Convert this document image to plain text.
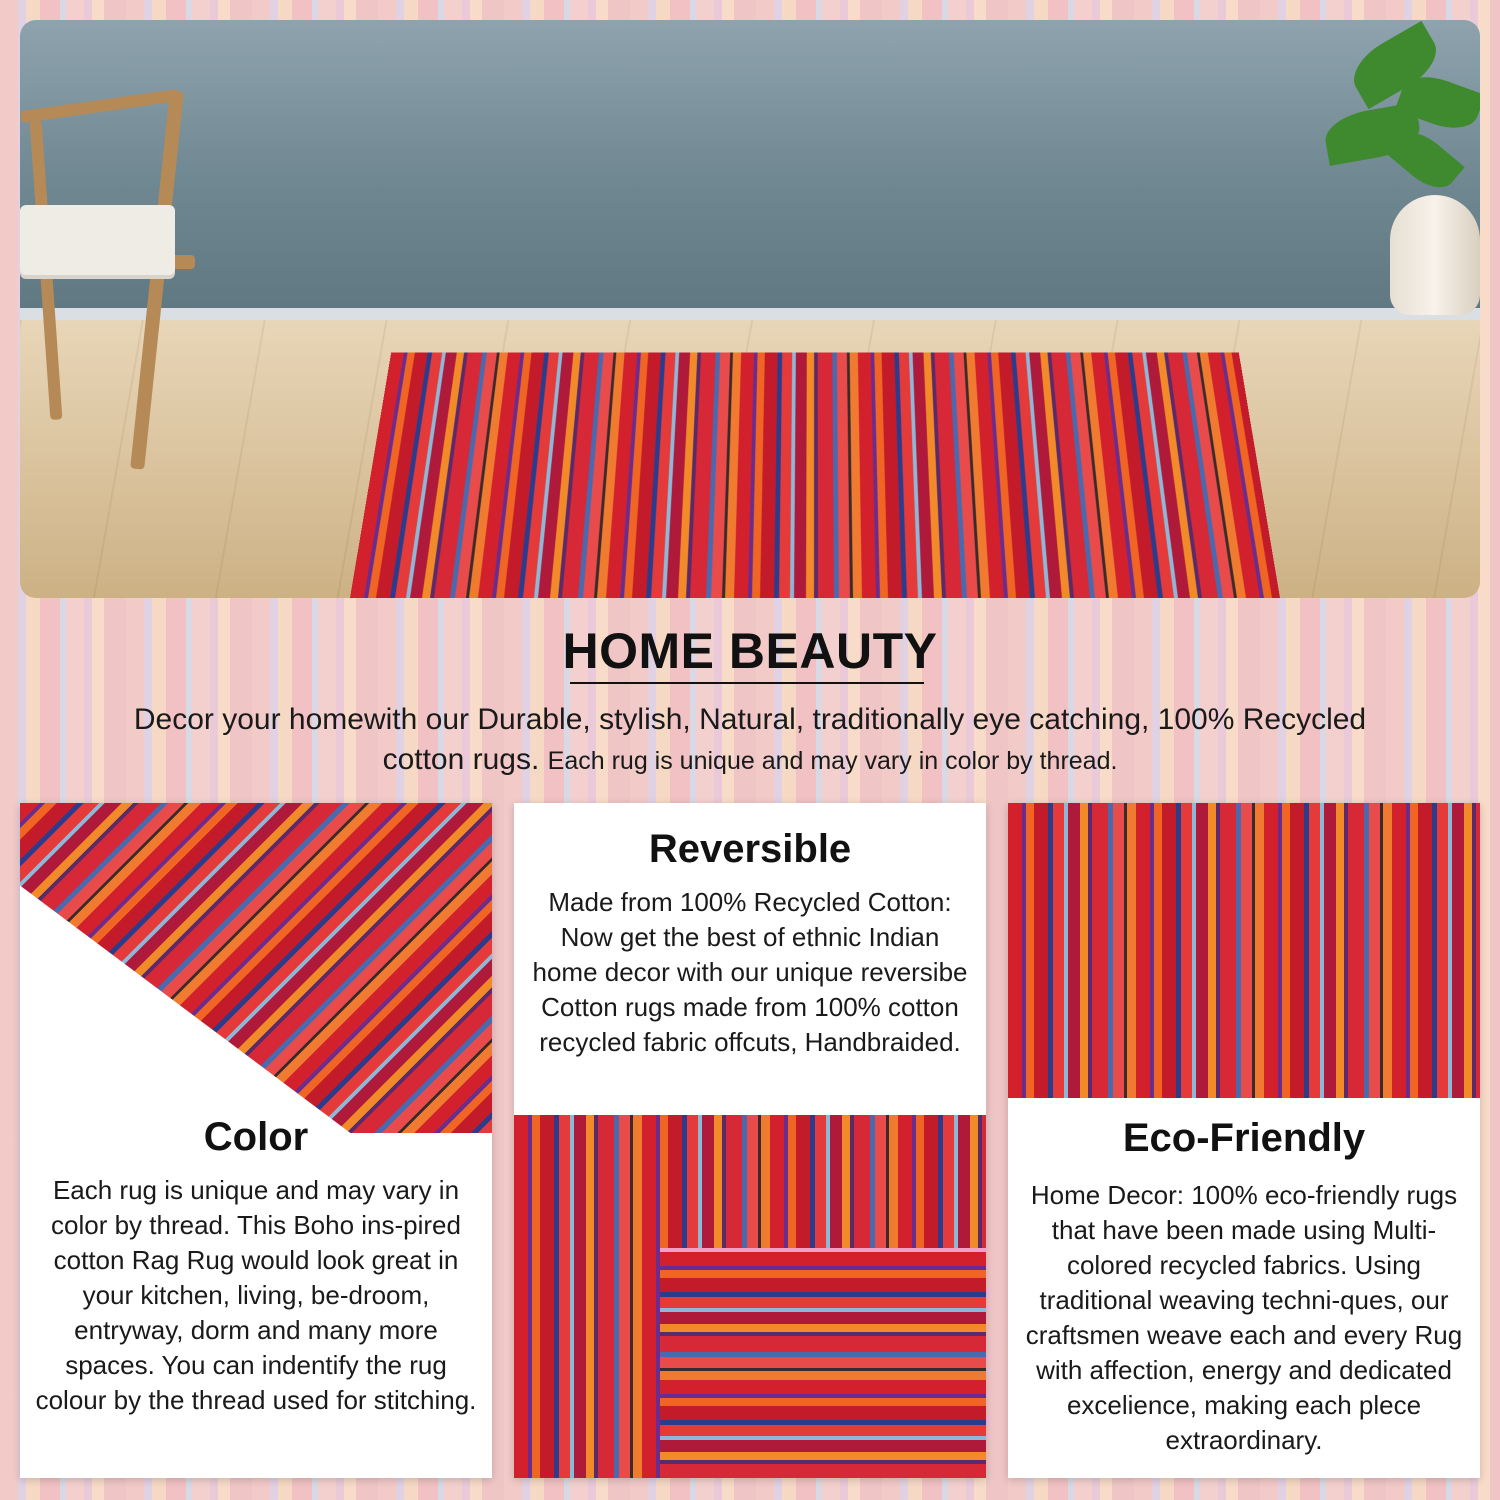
HOME BEAUTY
Decor your homewith our Durable, stylish, Natural, traditionally eye catching, 100% Recycled cotton rugs. Each rug is unique and may vary in color by thread.
Color
Each rug is unique and may vary in color by thread. This Boho ins-pired cotton Rag Rug would look great in your kitchen, living, be-droom, entryway, dorm and many more spaces. You can indentify the rug colour by the thread used for stitching.
Reversible
Made from 100% Recycled Cotton: Now get the best of ethnic Indian home decor with our unique reversibe Cotton rugs made from 100% cotton recycled fabric offcuts, Handbraided.
Eco-Friendly
Home Decor: 100% eco-friendly rugs that have been made using Multi-colored recycled fabrics. Using traditional weaving techni-ques, our craftsmen weave each and every Rug with affection, energy and dedicated excelience, making each plece extraordinary.
